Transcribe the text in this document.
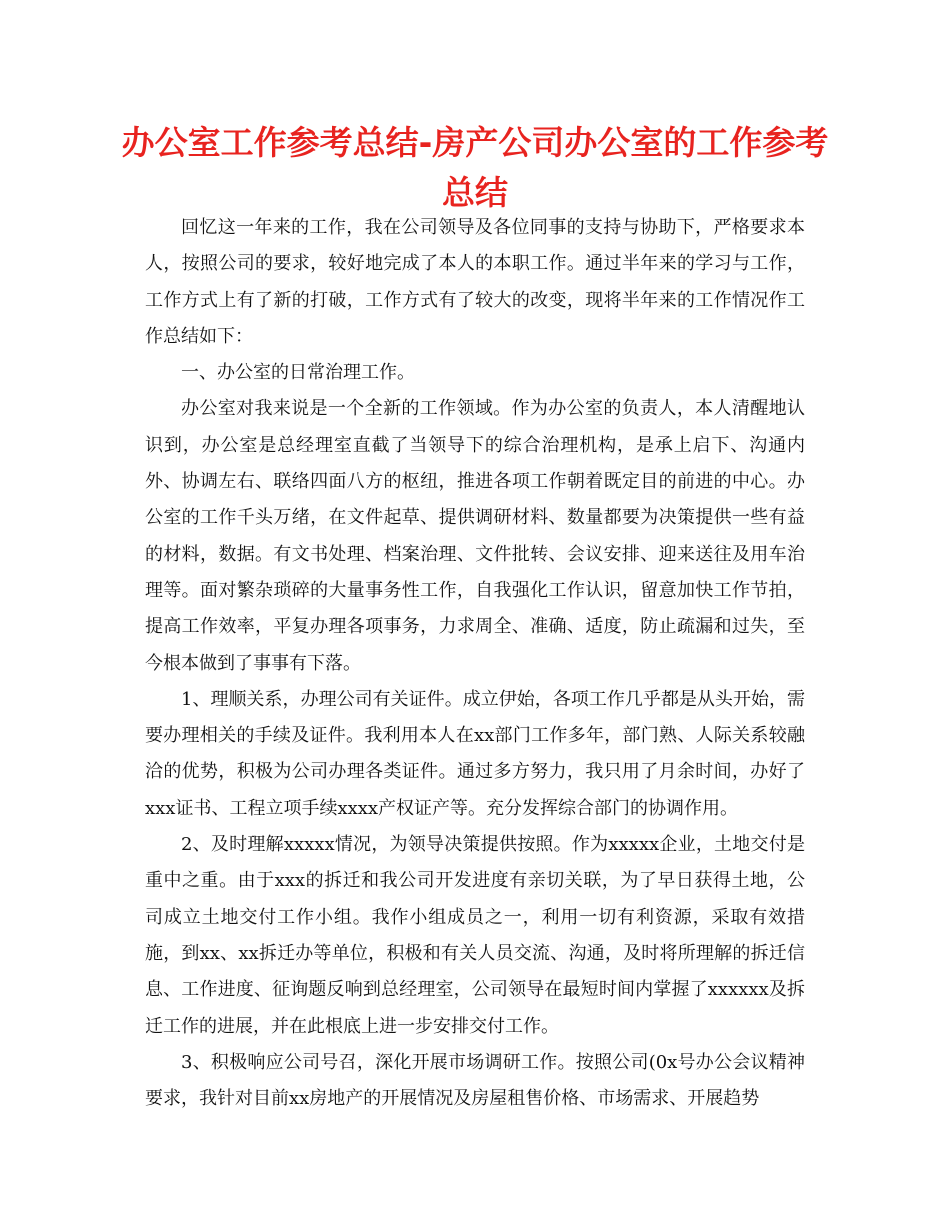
办公室工作参考总结-房产公司办公室的工作参考总结

回忆这一年来的工作，我在公司领导及各位同事的支持与协助下，严格要求本人，按照公司的要求，较好地完成了本人的本职工作。通过半年来的学习与工作，工作方式上有了新的打破，工作方式有了较大的改变，现将半年来的工作情况作工作总结如下：

一、办公室的日常治理工作。

办公室对我来说是一个全新的工作领域。作为办公室的负责人，本人清醒地认识到，办公室是总经理室直截了当领导下的综合治理机构，是承上启下、沟通内外、协调左右、联络四面八方的枢纽，推进各项工作朝着既定目的前进的中心。办公室的工作千头万绪，在文件起草、提供调研材料、数量都要为决策提供一些有益的材料，数据。有文书处理、档案治理、文件批转、会议安排、迎来送往及用车治理等。面对繁杂琐碎的大量事务性工作，自我强化工作认识，留意加快工作节拍，提高工作效率，平复办理各项事务，力求周全、准确、适度，防止疏漏和过失，至今根本做到了事事有下落。

1、理顺关系，办理公司有关证件。成立伊始，各项工作几乎都是从头开始，需要办理相关的手续及证件。我利用本人在xx部门工作多年，部门熟、人际关系较融洽的优势，积极为公司办理各类证件。通过多方努力，我只用了月余时间，办好了xxx证书、工程立项手续xxxx产权证产等。充分发挥综合部门的协调作用。

2、及时理解xxxxx情况，为领导决策提供按照。作为xxxxx企业，土地交付是重中之重。由于xxx的拆迁和我公司开发进度有亲切关联，为了早日获得土地，公司成立土地交付工作小组。我作小组成员之一，利用一切有利资源，采取有效措施，到xx、xx拆迁办等单位，积极和有关人员交流、沟通，及时将所理解的拆迁信息、工作进度、征询题反响到总经理室，公司领导在最短时间内掌握了xxxxxx及拆迁工作的进展，并在此根底上进一步安排交付工作。

3、积极响应公司号召，深化开展市场调研工作。按照公司(0x号办公会议精神要求，我针对目前xx房地产的开展情况及房屋租售价格、市场需求、开展趋势
